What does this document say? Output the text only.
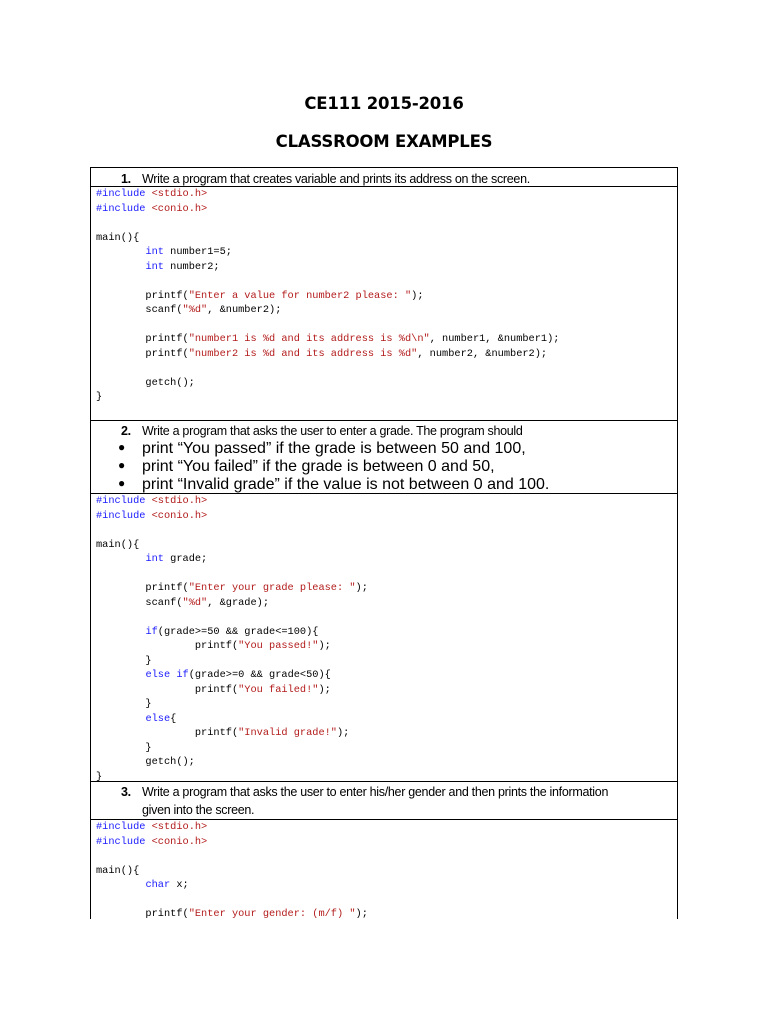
CE111 2015-2016
CLASSROOM EXAMPLES
1. Write a program that creates variable and prints its address on the screen.
#include <stdio.h>
#include <conio.h>

main(){
int number1=5;
int number2;

printf("Enter a value for number2 please: ");
scanf("%d", &number2);

printf("number1 is %d and its address is %d\n", number1, &number1);
printf("number2 is %d and its address is %d", number2, &number2);

getch();
}
2. Write a program that asks the user to enter a grade. The program should
● print “You passed” if the grade is between 50 and 100,
● print “You failed” if the grade is between 0 and 50,
● print “Invalid grade” if the value is not between 0 and 100.
#include <stdio.h>
#include <conio.h>

main(){
int grade;

printf("Enter your grade please: ");
scanf("%d", &grade);

if(grade>=50 && grade<=100){
printf("You passed!");
}
else if(grade>=0 && grade<50){
printf("You failed!");
}
else{
printf("Invalid grade!");
}
getch();
}
3. Write a program that asks the user to enter his/her gender and then prints the information
given into the screen.
#include <stdio.h>
#include <conio.h>

main(){
char x;

printf("Enter your gender: (m/f) ");
